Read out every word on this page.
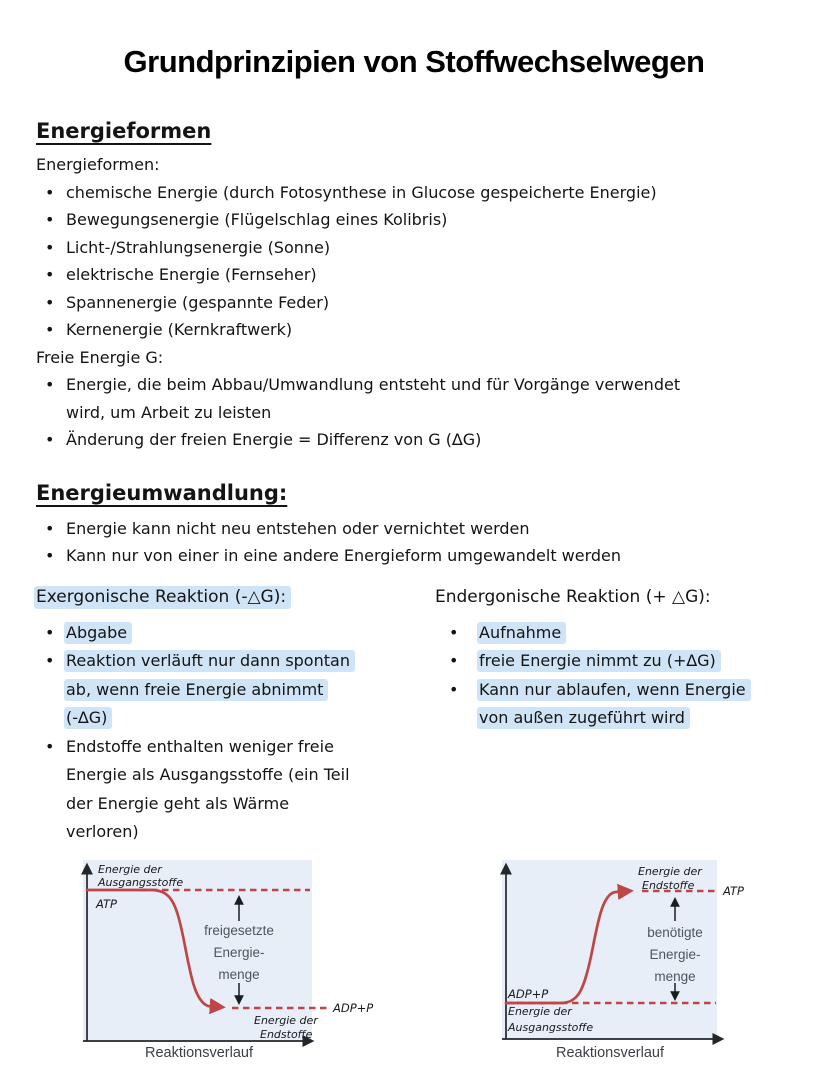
Grundprinzipien von Stoffwechselwegen
Energieformen

Energieformen:

• chemische Energie (durch Fotosynthese in Glucose gespeicherte Energie)
• Bewegungsenergie (Flügelschlag eines Kolibris)
• Licht-/Strahlungsenergie (Sonne)
• elektrische Energie (Fernseher)
• Spannenergie (gespannte Feder)
• Kernenergie (Kernkraftwerk)

Freie Energie G:

• Energie, die beim Abbau/Umwandlung entsteht und für Vorgänge verwendet
wird, um Arbeit zu leisten
• Änderung der freien Energie = Differenz von G (∆G)
Energieumwandlung:
• Energie kann nicht neu entstehen oder vernichtet werden
• Kann nur von einer in eine andere Energieform umgewandelt werden
Exergonische Reaktion (-△G):
• Abgabe
• Reaktion verläuft nur dann spontan
ab, wenn freie Energie abnimmt
(-∆G)
• Endstoffe enthalten weniger freie
Energie als Ausgangsstoffe (ein Teil
der Energie geht als Wärme
verloren)
Endergonische Reaktion (+ △G):
•	Aufnahme
•	freie Energie nimmt zu (+∆G)
•	Kann nur ablaufen, wenn Energie
von außen zugeführt wird
Energie der
Ausgangsstoffe
ATP
freigesetzte
Energie-
menge
Energie der
Endstoffe
ADP+P
Reaktionsverlauf
Energie der
Endstoffe ATP
benötigte
Energie-
menge
ADP+P
Energie der
Ausgangsstoffe
Reaktionsverlauf
